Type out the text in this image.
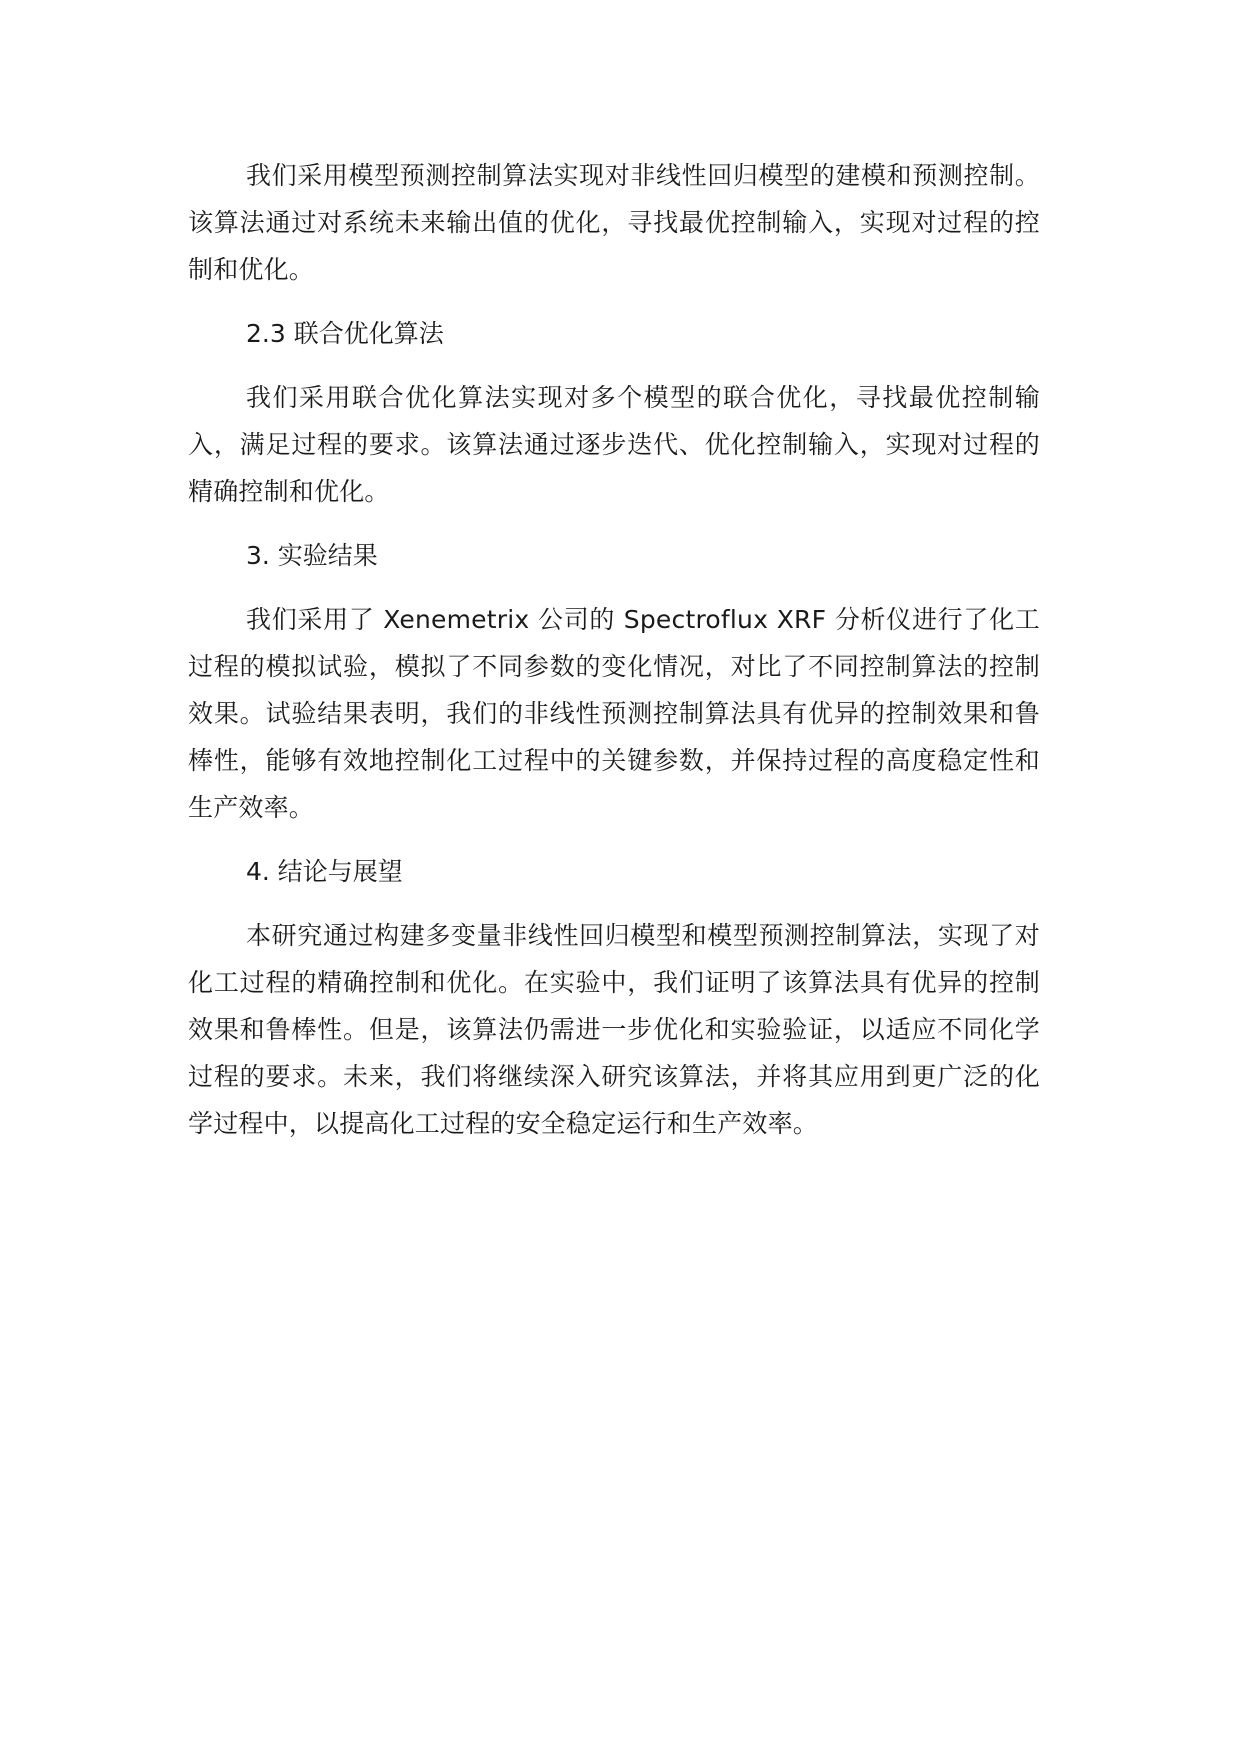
我们采用模型预测控制算法实现对非线性回归模型的建模和预测控制。该算法通过对系统未来输出值的优化，寻找最优控制输入，实现对过程的控制和优化。

2.3 联合优化算法

我们采用联合优化算法实现对多个模型的联合优化，寻找最优控制输入，满足过程的要求。该算法通过逐步迭代、优化控制输入，实现对过程的精确控制和优化。

3. 实验结果

我们采用了 Xenemetrix 公司的 Spectroflux XRF 分析仪进行了化工过程的模拟试验，模拟了不同参数的变化情况，对比了不同控制算法的控制效果。试验结果表明，我们的非线性预测控制算法具有优异的控制效果和鲁棒性，能够有效地控制化工过程中的关键参数，并保持过程的高度稳定性和生产效率。

4. 结论与展望

本研究通过构建多变量非线性回归模型和模型预测控制算法，实现了对化工过程的精确控制和优化。在实验中，我们证明了该算法具有优异的控制效果和鲁棒性。但是，该算法仍需进一步优化和实验验证，以适应不同化学过程的要求。未来，我们将继续深入研究该算法，并将其应用到更广泛的化学过程中，以提高化工过程的安全稳定运行和生产效率。
